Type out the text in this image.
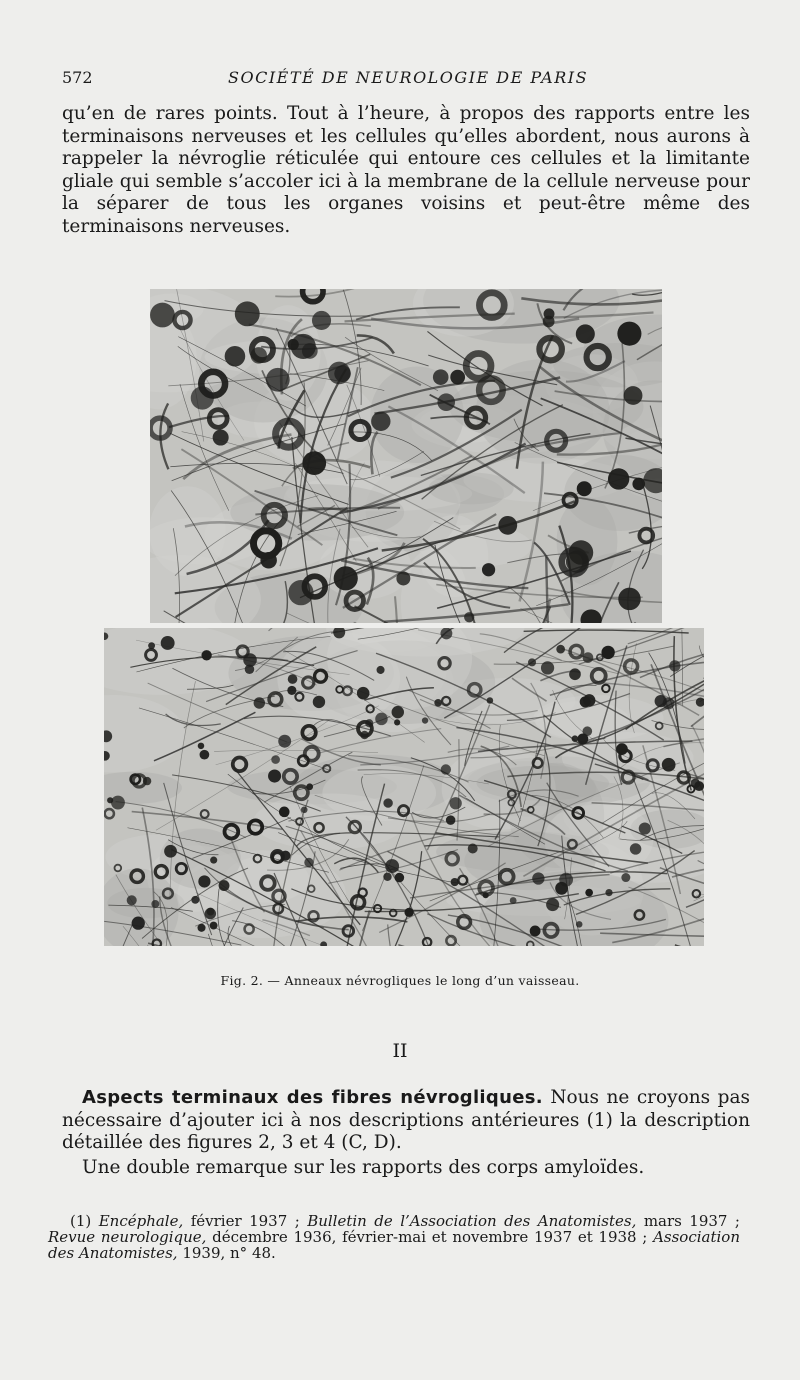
572	SOCIÉTÉ DE NEUROLOGIE DE PARIS

qu’en de rares points. Tout à l’heure, à propos des rapports entre les terminaisons nerveuses et les cellules qu’elles abordent, nous aurons à rappeler la névroglie réticulée qui entoure ces cellules et la limitante gliale qui semble s’accoler ici à la membrane de la cellule nerveuse pour la séparer de tous les organes voisins et peut-être même des terminaisons nerveuses.

Fig. 2. — Anneaux névrogliques le long d’un vaisseau.
II

Aspects terminaux des fibres névrogliques. Nous ne croyons pas nécessaire d’ajouter ici à nos descriptions antérieures (1) la description détaillée des figures 2, 3 et 4 (C, D).

Une double remarque sur les rapports des corps amyloïdes.

(1) Encéphale, février 1937 ; Bulletin de l’Association des Anatomistes, mars 1937 ; Revue neurologique, décembre 1936, février-mai et novembre 1937 et 1938 ; Association des Anatomistes, 1939, n° 48.
